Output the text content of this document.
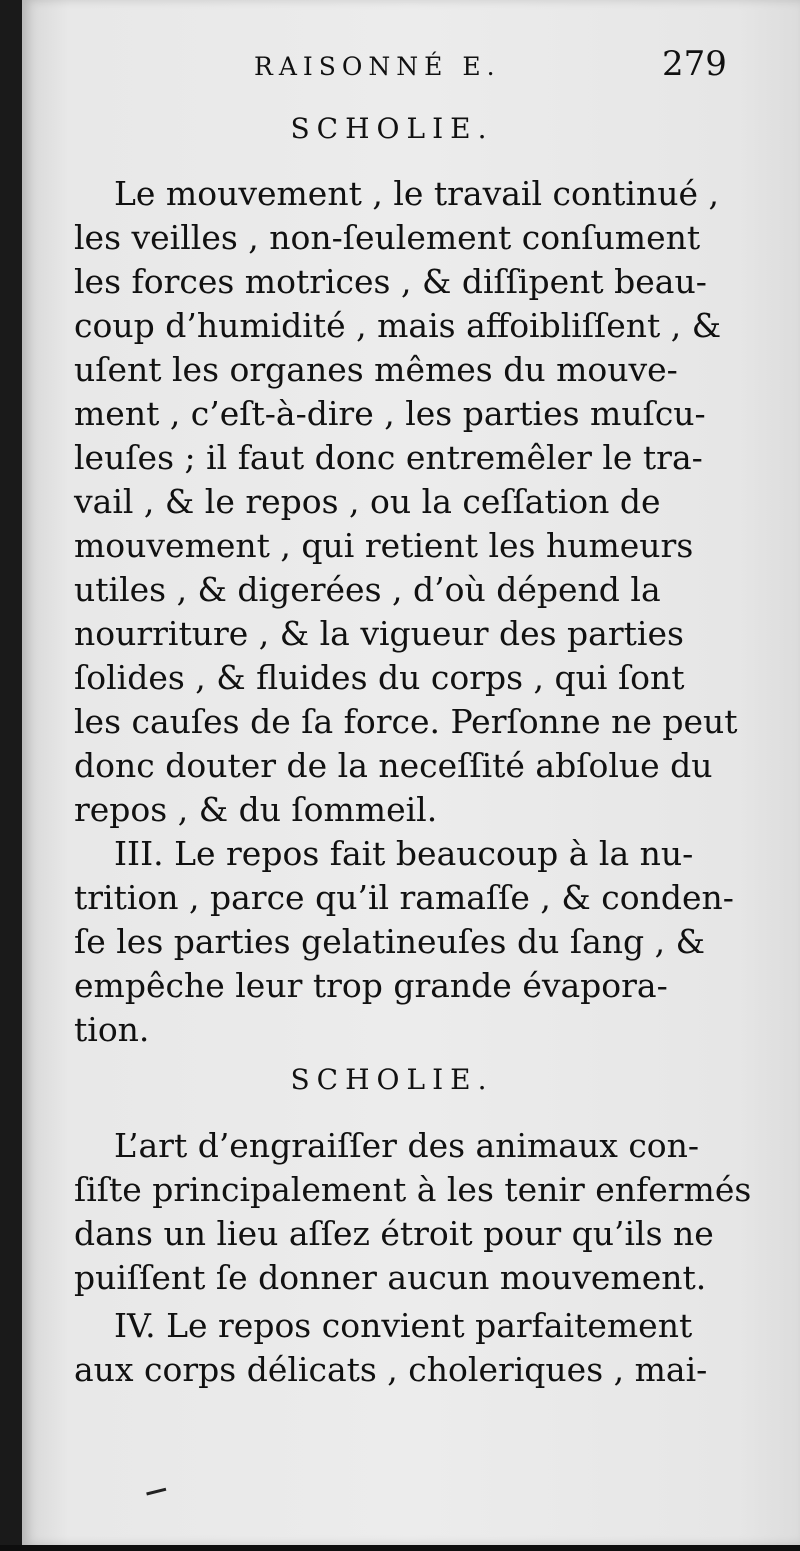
RAISONNÉ E.	279
SCHOLIE.
Le mouvement , le travail continué ,
les veilles , non-ſeulement conſument
les forces motrices , & diſſipent beau-
coup d’humidité , mais affoibliſſent , &
uſent les organes mêmes du mouve-
ment , c’eſt-à-dire , les parties muſcu-
leuſes ; il faut donc entremêler le tra-
vail , & le repos , ou la ceſſation de
mouvement , qui retient les humeurs
utiles , & digerées , d’où dépend la
nourriture , & la vigueur des parties
ſolides , & fluides du corps , qui ſont
les cauſes de ſa force. Perſonne ne peut
donc douter de la neceſſité abſolue du
repos , & du ſommeil.
III. Le repos fait beaucoup à la nu-
trition , parce qu’il ramaſſe , & conden-
ſe les parties gelatineuſes du ſang , &
empêche leur trop grande évapora-
tion.
SCHOLIE.
L’art d’engraiſſer des animaux con-
ſiſte principalement à les tenir enfermés
dans un lieu aſſez étroit pour qu’ils ne
puiſſent ſe donner aucun mouvement.
IV. Le repos convient parfaitement
aux corps délicats , choleriques , mai-
